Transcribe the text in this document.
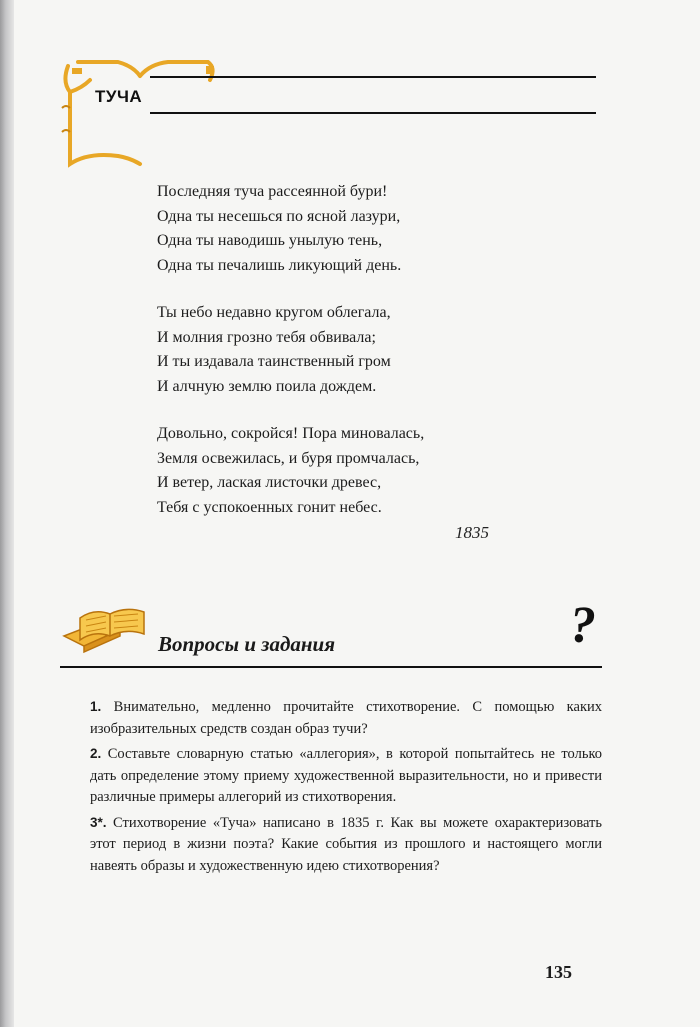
ТУЧА
Последняя туча рассеянной бури!
Одна ты несешься по ясной лазури,
Одна ты наводишь унылую тень,
Одна ты печалишь ликующий день.
Ты небо недавно кругом облегала,
И молния грозно тебя обвивала;
И ты издавала таинственный гром
И алчную землю поила дождем.
Довольно, сокройся! Пора миновалась,
Земля освежилась, и буря промчалась,
И ветер, лаская листочки древес,
Тебя с успокоенных гонит небес.
1835
Вопросы и задания	?

1. Внимательно, медленно прочитайте стихотворение. С помощью каких изобразительных средств создан образ тучи?

2. Составьте словарную статью «аллегория», в которой попытайтесь не только дать определение этому приему художественной выразительности, но и привести различные примеры аллегорий из стихотворения.

3*. Стихотворение «Туча» написано в 1835 г. Как вы можете охарактеризовать этот период в жизни поэта? Какие события из прошлого и настоящего могли навеять образы и художественную идею стихотворения?

135
